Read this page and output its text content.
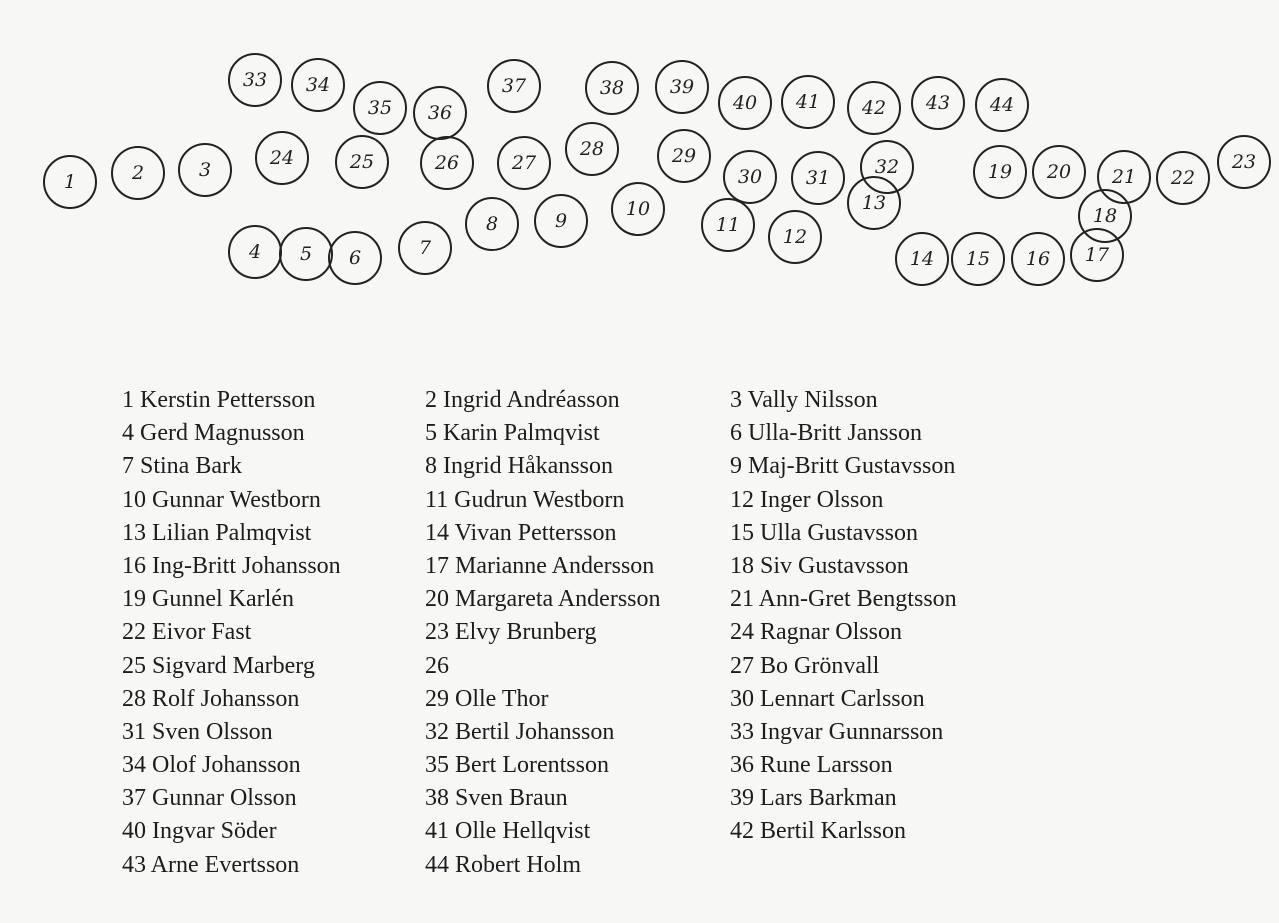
1	2	3
4 5 6	7
8	9
10
11
12
13
14 15 16 17
18
19 20 21 22
23
24	25	26	27
28	29
30 31 32
33 34
35 36
37	38 39
40 41 42 43 44
1 Kerstin Pettersson	2 Ingrid Andréasson	3 Vally Nilsson
4 Gerd Magnusson	5 Karin Palmqvist	6 Ulla-Britt Jansson
7 Stina Bark	8 Ingrid Håkansson	9 Maj-Britt Gustavsson
10 Gunnar Westborn	11 Gudrun Westborn	12 Inger Olsson
13 Lilian Palmqvist	14 Vivan Pettersson	15 Ulla Gustavsson
16 Ing-Britt Johansson	17 Marianne Andersson	18 Siv Gustavsson
19 Gunnel Karlén	20 Margareta Andersson	21 Ann-Gret Bengtsson
22 Eivor Fast	23 Elvy Brunberg	24 Ragnar Olsson
25 Sigvard Marberg	26	27 Bo Grönvall
28 Rolf Johansson	29 Olle Thor	30 Lennart Carlsson
31 Sven Olsson	32 Bertil Johansson	33 Ingvar Gunnarsson
34 Olof Johansson	35 Bert Lorentsson	36 Rune Larsson
37 Gunnar Olsson	38 Sven Braun	39 Lars Barkman
40 Ingvar Söder	41 Olle Hellqvist	42 Bertil Karlsson
43 Arne Evertsson	44 Robert Holm
